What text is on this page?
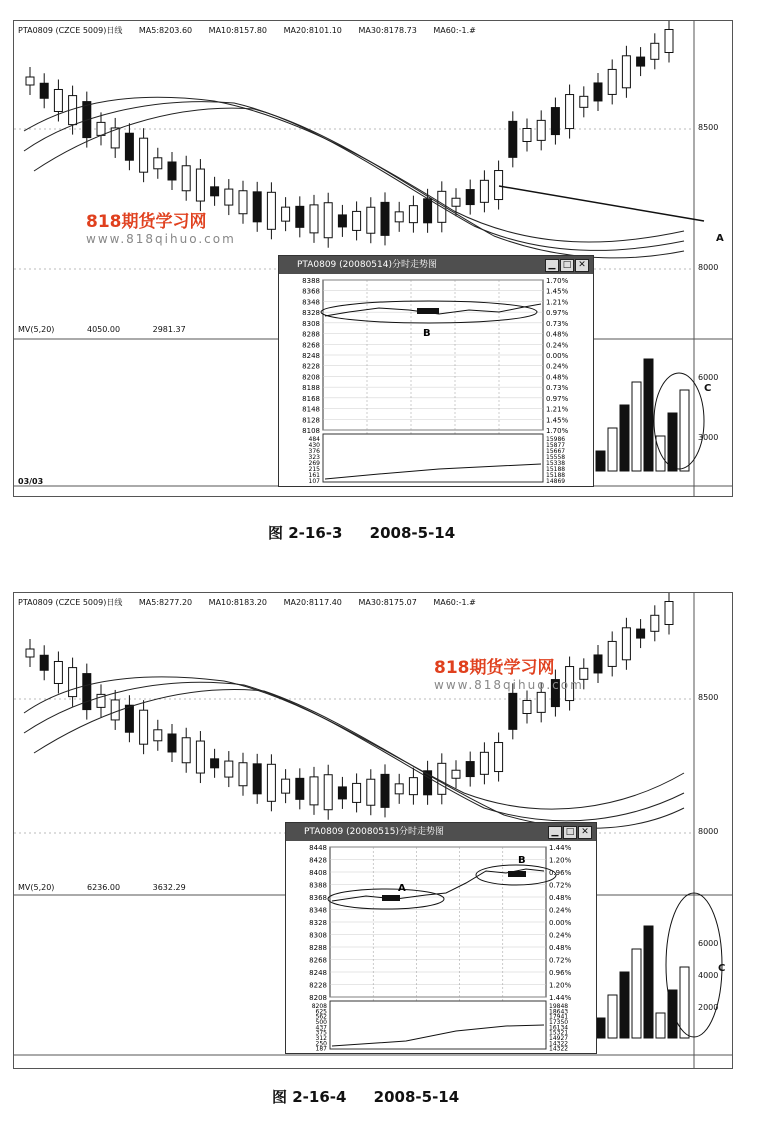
PTA0809 (CZCE 5009)日线 MA5:8203.60 MA10:8157.80 MA20:8101.10 MA30:8178.73 MA60:-1.#
818期货学习网
www.818qihuo.com
8500
8000
6000
3000
MV(5,20)	4050.00	2981.37
03/03
A
C
PTA0809 (20080514)分时走势图	▁ □ ✕
8388
8368
8348
8328
8308
8288
8268
8248
8228
8208
8188
8168
8148
8128
8108
1.70%
1.45%
1.21%
0.97%
0.73%
0.48%
0.24%
0.00%
0.24%
0.48%
0.73%
0.97%
1.21%
1.45%
1.70%
484
430
376
323
269
215
161
107
15986
15877
15667
15558
15338
15188
15188
14869
B
图 2-16-3 2008-5-14
PTA0809 (CZCE 5009)日线 MA5:8277.20 MA10:8183.20 MA20:8117.40 MA30:8175.07 MA60:-1.#
818期货学习网
www.818qihuo.com
8500
8000
6000
4000
2000
MV(5,20)	6236.00	3632.29
C
PTA0809 (20080515)分时走势图	▁ □ ✕
8448
8428
8408
8388
8368
8348
8328
8308
8288
8268
8248
8228
8208
1.44%
1.20%
0.96%
0.72%
0.48%
0.24%
0.00%
0.24%
0.48%
0.72%
0.96%
1.20%
1.44%
8208
625
562
500
437
375
312
250
187
19848
18643
17941
17350
16134
15321
14927
14322
14322
A
B
图 2-16-4 2008-5-14
